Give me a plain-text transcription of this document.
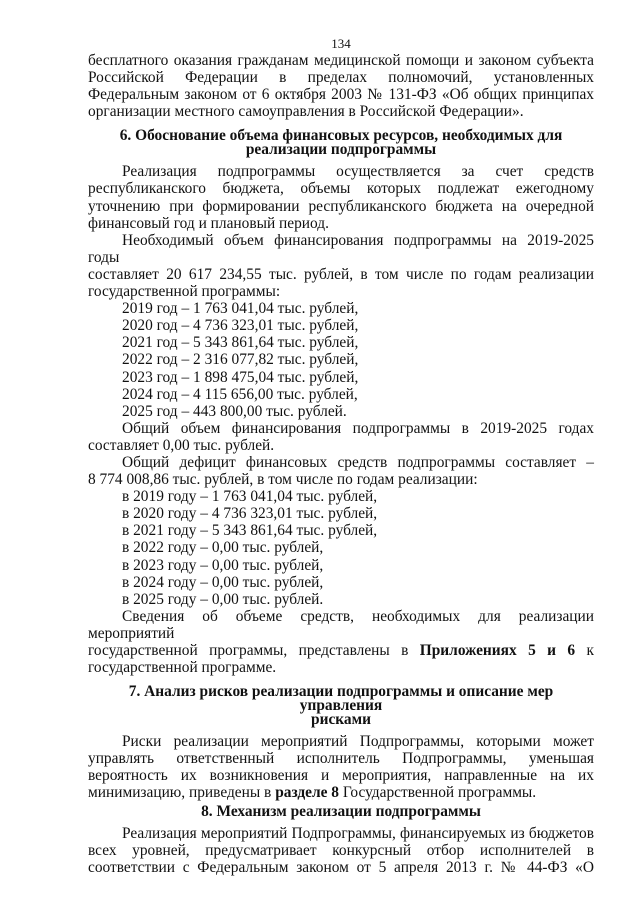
134

бесплатного оказания гражданам медицинской помощи и законом субъекта

Российской Федерации в пределах полномочий, установленных

Федеральным законом от 6 октября 2003 № 131-ФЗ «Об общих принципах

организации местного самоуправления в Российской Федерации».

6. Обоснование объема финансовых ресурсов, необходимых для
реализации подпрограммы

Реализация подпрограммы осуществляется за счет средств

республиканского бюджета, объемы которых подлежат ежегодному

уточнению при формировании республиканского бюджета на очередной

финансовый год и плановый период.

Необходимый объем финансирования подпрограммы на 2019-2025 годы

составляет 20 617 234,55 тыс. рублей, в том числе по годам реализации

государственной программы:

2019 год – 1 763 041,04 тыс. рублей,

2020 год – 4 736 323,01 тыс. рублей,

2021 год – 5 343 861,64 тыс. рублей,

2022 год – 2 316 077,82 тыс. рублей,

2023 год – 1 898 475,04 тыс. рублей,

2024 год – 4 115 656,00 тыс. рублей,

2025 год – 443 800,00 тыс. рублей.

Общий объем финансирования подпрограммы в 2019-2025 годах

составляет 0,00 тыс. рублей.

Общий дефицит финансовых средств подпрограммы составляет –

8 774 008,86 тыс. рублей, в том числе по годам реализации:

в 2019 году – 1 763 041,04 тыс. рублей,

в 2020 году – 4 736 323,01 тыс. рублей,

в 2021 году – 5 343 861,64 тыс. рублей,

в 2022 году – 0,00 тыс. рублей,

в 2023 году – 0,00 тыс. рублей,

в 2024 году – 0,00 тыс. рублей,

в 2025 году – 0,00 тыс. рублей.

Сведения об объеме средств, необходимых для реализации мероприятий

государственной программы, представлены в Приложениях 5 и 6 к

государственной программе.

7. Анализ рисков реализации подпрограммы и описание мер управления
рисками

Риски реализации мероприятий Подпрограммы, которыми может

управлять ответственный исполнитель Подпрограммы, уменьшая

вероятность их возникновения и мероприятия, направленные на их

минимизацию, приведены в разделе 8 Государственной программы.

8. Механизм реализации подпрограммы

Реализация мероприятий Подпрограммы, финансируемых из бюджетов

всех уровней, предусматривает конкурсный отбор исполнителей в

соответствии с Федеральным законом от 5 апреля 2013 г. № 44-ФЗ «О
